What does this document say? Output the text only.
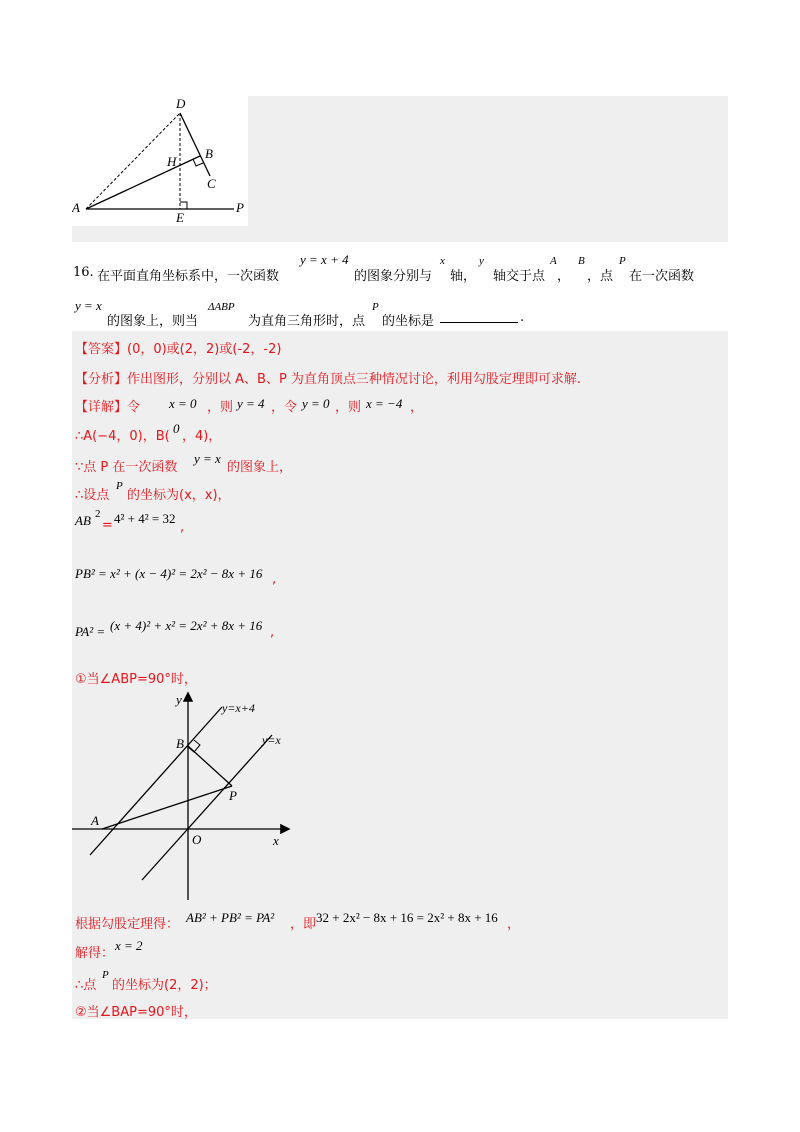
D
B
H
C
A
E
P
16. 在平面直角坐标系中，一次函数
y = x + 4
的图象分别与
x
轴，
y
轴交于点
A
，
B
，点
P
在一次函数
y = x
的图象上，则当
ΔABP
为直角三角形时，点
P
的坐标是	.
【答案】(0，0)或(2，2)或(-2，-2)
【分析】作出图形，分别以 A、B、P 为直角顶点三种情况讨论，利用勾股定理即可求解.
【详解】令 x = 0 ，则 y = 4 ，令 y = 0 ，则 x = −4 ，
∴A(−4，0)，B(
0
，4)，
∵点 P 在一次函数
y = x
的图象上，
∴设点
P
的坐标为(x，x)，
AB 2
= 4² + 4² = 32
,
PB² = x² + (x − 4)² = 2x² − 8x + 16 ,
PA² = (x + 4)² + x² = 2x² + 8x + 16 ,
①当∠ABP=90°时，
y
y=x+4
y=x
B
P
A
O	x
根据勾股定理得： AB² + PB² = PA² ，即 32 + 2x² − 8x + 16 = 2x² + 8x + 16 ，
解得：
x = 2
∴点
P
的坐标为(2，2)；
②当∠BAP=90°时，
